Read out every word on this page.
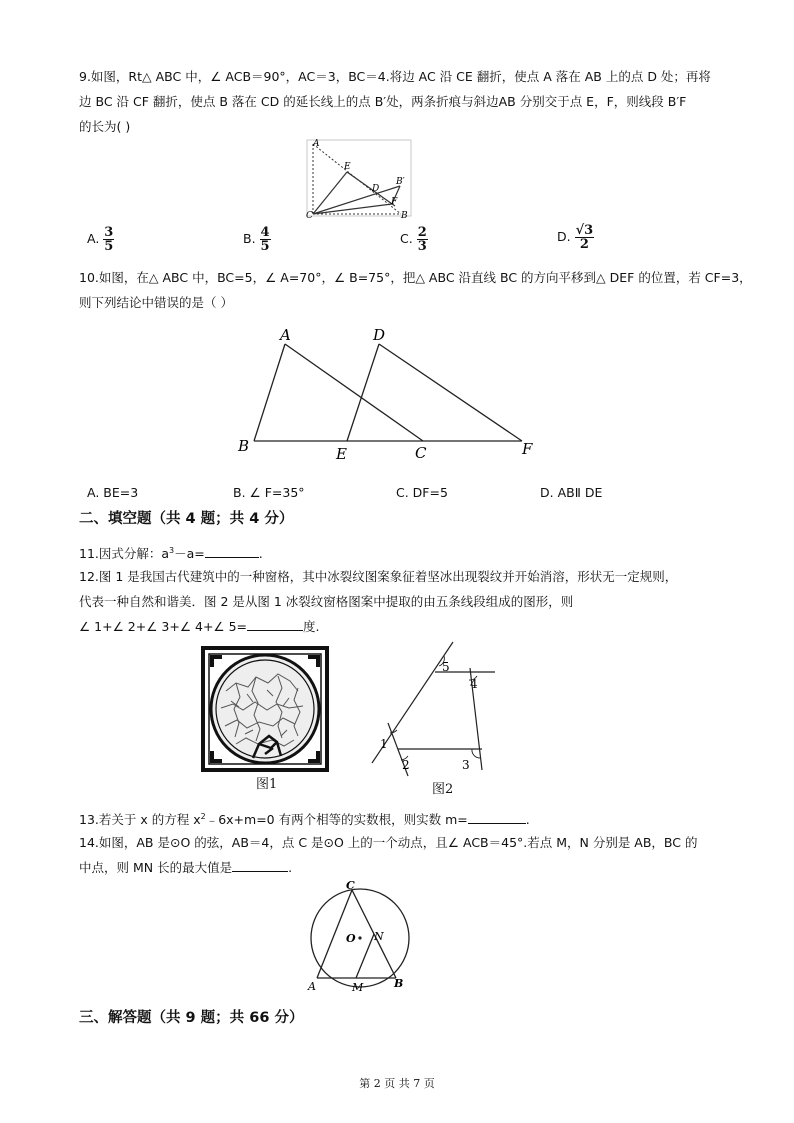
9.如图，Rt△ ABC 中，∠ ACB＝90°，AC＝3，BC＝4.将边 AC 沿 CE 翻折，使点 A 落在 AB 上的点 D 处；再将
边 BC 沿 CF 翻折，使点 B 落在 CD 的延长线上的点 B′处，两条折痕与斜边AB 分别交于点 E，F，则线段 B′F
的长为( )
A
E
D
B′
F
C	B
A. $\frac{3}{5}$	B. $\frac{4}{5}$	C. $\frac{2}{3}$	D. $\frac{√3}{2}$
10.如图，在△ ABC 中，BC=5，∠ A=70°，∠ B=75°，把△ ABC 沿直线 BC 的方向平移到△ DEF 的位置，若 CF=3，
则下列结论中错误的是（ ）
A	D
B	E	C	F
A. BE=3	B. ∠ F=35°	C. DF=5	D. ABⅡ DE
二、填空题（共 4 题；共 4 分）
11.因式分解：$a^3-a=$	.
12.图 1 是我国古代建筑中的一种窗格，其中冰裂纹图案象征着坚冰出现裂纹并开始消溶，形状无一定规则，
代表一种自然和谐美．图 2 是从图 1 冰裂纹窗格图案中提取的由五条线段组成的图形，则
∠ 1+∠ 2+∠ 3+∠ 4+∠ 5=	度.
图1
5
4
1
2	3
图2
13.若关于 x 的方程 $x^2﹣6x+m=0$ 有两个相等的实数根，则实数 m=	.
14.如图，AB 是⊙O 的弦，AB＝4，点 C 是⊙O 上的一个动点，且∠ ACB＝45°.若点 M，N 分别是 AB，BC 的
中点，则 MN 长的最大值是	.
C
O N
A	M	B
三、解答题（共 9 题；共 66 分）
第 2 页 共 7 页
